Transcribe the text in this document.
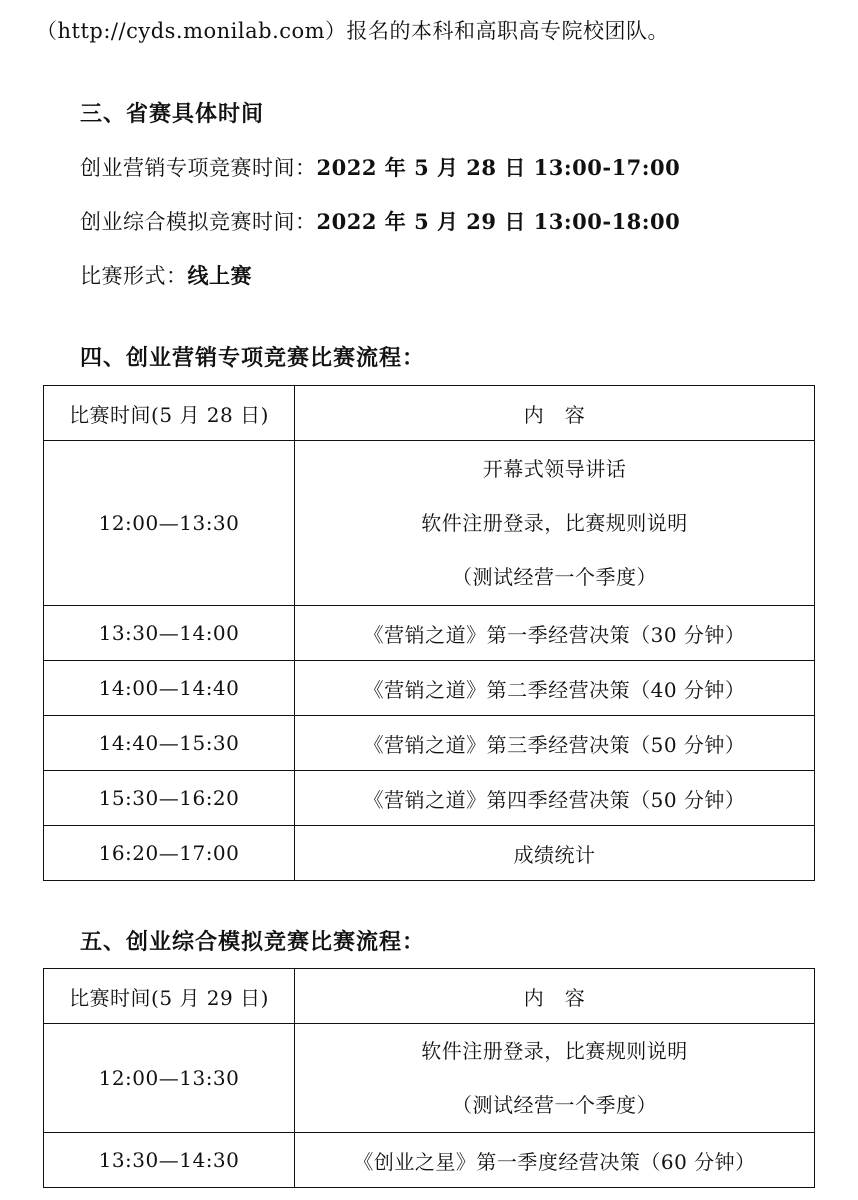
（http://cyds.monilab.com）报名的本科和高职高专院校团队。
三、省赛具体时间
创业营销专项竞赛时间：2022 年 5 月 28 日 13:00-17:00
创业综合模拟竞赛时间：2022 年 5 月 29 日 13:00-18:00
比赛形式：线上赛
四、创业营销专项竞赛比赛流程：
比赛时间(5 月 28 日)	内　容
12:00—13:30	开幕式领导讲话
软件注册登录，比赛规则说明
（测试经营一个季度）

13:30—14:00	《营销之道》第一季经营决策（30 分钟）
14:00—14:40	《营销之道》第二季经营决策（40 分钟）
14:40—15:30	《营销之道》第三季经营决策（50 分钟）
15:30—16:20	《营销之道》第四季经营决策（50 分钟）
16:20—17:00	成绩统计
五、创业综合模拟竞赛比赛流程：
比赛时间(5 月 29 日)	内　容
12:00—13:30	软件注册登录，比赛规则说明
（测试经营一个季度）

13:30—14:30	《创业之星》第一季度经营决策（60 分钟）
